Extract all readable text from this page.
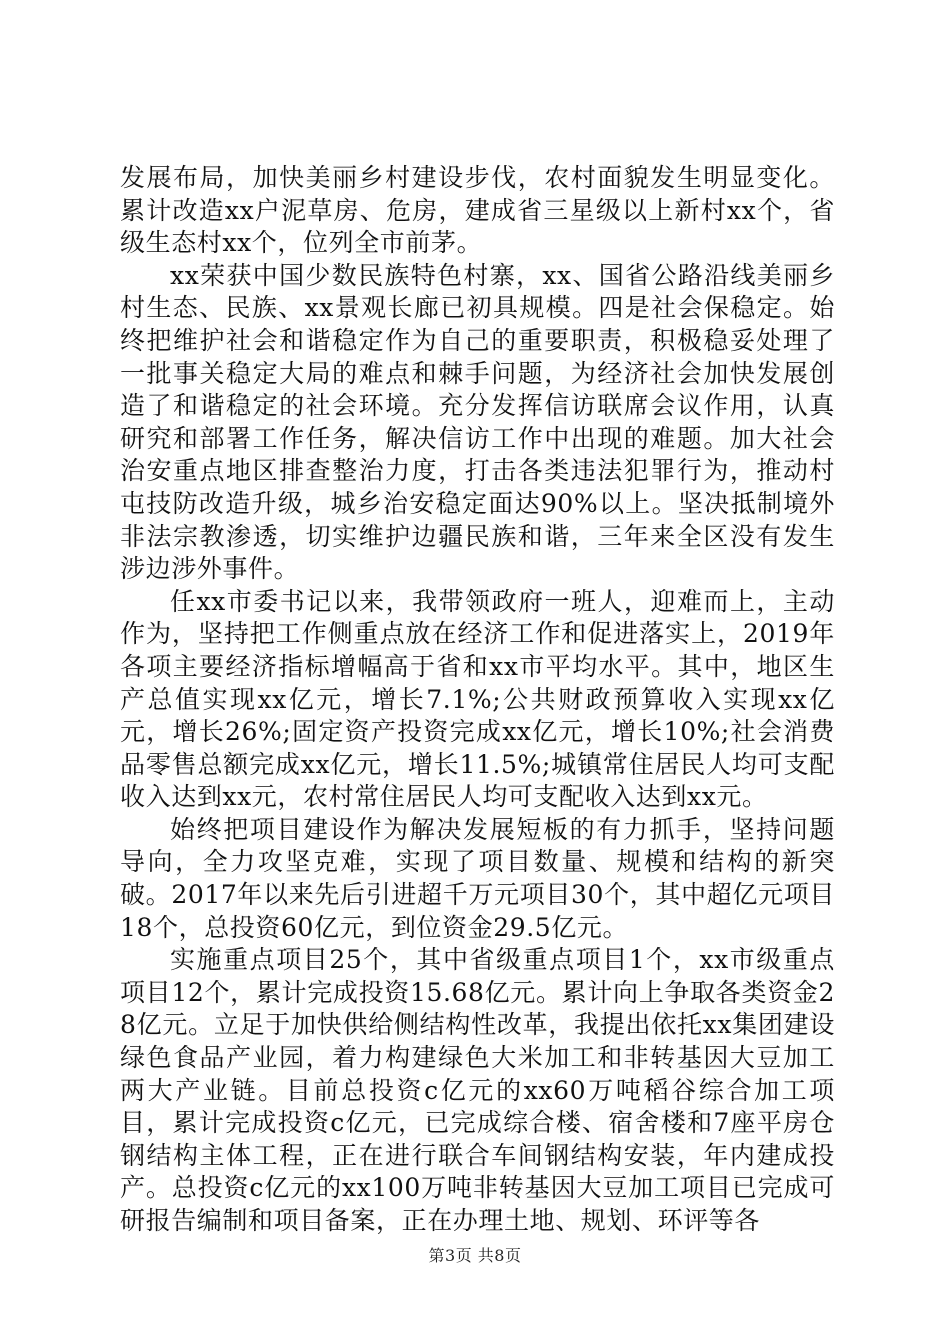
发展布局，加快美丽乡村建设步伐，农村面貌发生明显变化。累计改造xx户泥草房、危房，建成省三星级以上新村xx个，省级生态村xx个，位列全市前茅。

xx荣获中国少数民族特色村寨，xx、国省公路沿线美丽乡村生态、民族、xx景观长廊已初具规模。四是社会保稳定。始终把维护社会和谐稳定作为自己的重要职责，积极稳妥处理了一批事关稳定大局的难点和棘手问题，为经济社会加快发展创造了和谐稳定的社会环境。充分发挥信访联席会议作用，认真研究和部署工作任务，解决信访工作中出现的难题。加大社会治安重点地区排查整治力度，打击各类违法犯罪行为，推动村屯技防改造升级，城乡治安稳定面达90%以上。坚决抵制境外非法宗教渗透，切实维护边疆民族和谐，三年来全区没有发生涉边涉外事件。

任xx市委书记以来，我带领政府一班人，迎难而上，主动作为，坚持把工作侧重点放在经济工作和促进落实上，2019年各项主要经济指标增幅高于省和xx市平均水平。其中，地区生产总值实现xx亿元，增长7.1%;公共财政预算收入实现xx亿元，增长26%;固定资产投资完成xx亿元，增长10%;社会消费品零售总额完成xx亿元，增长11.5%;城镇常住居民人均可支配收入达到xx元，农村常住居民人均可支配收入达到xx元。

始终把项目建设作为解决发展短板的有力抓手，坚持问题导向，全力攻坚克难，实现了项目数量、规模和结构的新突破。2017年以来先后引进超千万元项目30个，其中超亿元项目18个，总投资60亿元，到位资金29.5亿元。

实施重点项目25个，其中省级重点项目1个，xx市级重点项目12个，累计完成投资15.68亿元。累计向上争取各类资金28亿元。立足于加快供给侧结构性改革，我提出依托xx集团建设绿色食品产业园，着力构建绿色大米加工和非转基因大豆加工两大产业链。目前总投资c亿元的xx60万吨稻谷综合加工项目，累计完成投资c亿元，已完成综合楼、宿舍楼和7座平房仓钢结构主体工程，正在进行联合车间钢结构安装，年内建成投产。总投资c亿元的xx100万吨非转基因大豆加工项目已完成可研报告编制和项目备案，正在办理土地、规划、环评等各

第3页 共8页
